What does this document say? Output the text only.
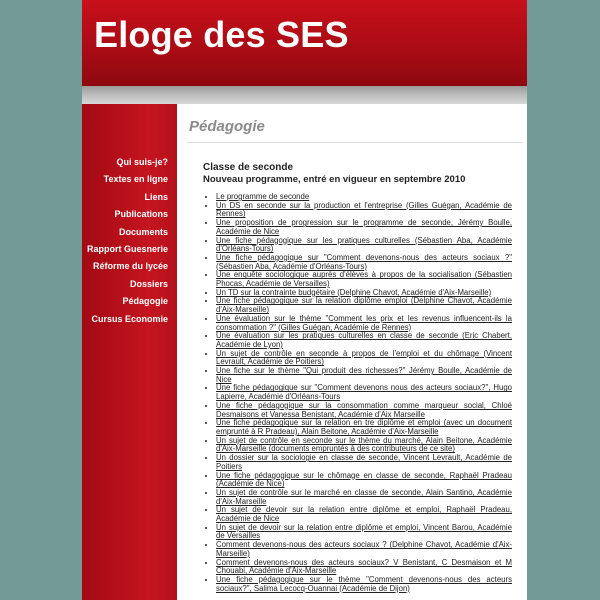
Eloge des SES
Qui suis-je?
Textes en ligne
Liens
Publications
Documents
Rapport Guesnerie
Réforme du lycée
Dossiers
Pédagogie
Cursus Economie
Pédagogie
Classe de seconde
Nouveau programme, entré en vigueur en septembre 2010
• Le programme de seconde
• Un DS en seconde sur la production et l'entreprise (Gilles Guégan, Académie de Rennes)
• Une proposition de progression sur le programme de seconde, Jérémy Boulle, Académie de Nice
• Une fiche pédagogique sur les pratiques culturelles (Sébastien Aba, Académie d'Orléans-Tours)
• Une fiche pédagogique sur "Comment devenons-nous des acteurs sociaux ?" (Sébastien Aba, Académie d'Orléans-Tours)
• Une enquête sociologique auprès d'élèves à propos de la socialisation (Sébastien Phocas, Académie de Versailles)
• Un TD sur la contrainte budgétaire (Delphine Chavot, Académie d'Aix-Marseille)
• Une fiche pédagogique sur la relation diplôme emploi (Delphine Chavot, Académie d'Aix-Marseille)
• Une évaluation sur le thème "Comment les prix et les revenus influencent-ils la consommation ?" (Gilles Guégan, Académie de Rennes)
• Une évaluation sur les pratiques culturelles en classe de seconde (Eric Chabert, Académie de Lyon)
• Un sujet de contrôle en seconde à propos de l'emploi et du chômage (Vincent Levrault, Académie de Poitiers)
• Une fiche sur le thème "Qui produit des richesses?" Jérémy Boulle, Académie de Nice
• Une fiche pédagogique sur "Comment devenons nous des acteurs sociaux?", Hugo Lapierre, Académie d'Orléans-Tours
• Une fiche pédagogique sur la consommation comme marqueur social, Chloé Desmaisons et Vanessa Benistant, Académie d'Aix Marseille
• Une fiche pédagogique sur la relation en tre diplôme et emploi (avec un document emprunté à R Pradeau), Alain Beitone, Académie d'Aix-Marseille
• Un sujet de contrôle en seconde sur le thème du marché, Alain Beitone, Académie d'Aix-Marseille (documents empruntés à des contributeurs de ce site)
• Un dossier sur la sociologie en classe de seconde, Vincent Levrault, Académie de Poitiers
• Une fiche pédagogique sur le chômage en classe de seconde, Raphaël Pradeau (Académie de Nice)
• Un sujet de contrôle sur le marché en classe de seconde, Alain Santino, Académie d'Aix-Marseille
• Un sujet de devoir sur la relation entre diplôme et emploi, Raphaël Pradeau, Académie de Nice
• Un sujet de devoir sur la relation entre diplôme et emploi, Vincent Barou, Académie de Versailles
• Comment devenons-nous des acteurs sociaux ? (Delphine Chavot, Académie d'Aix-Marseille)
• Comment devenons-nous des acteurs sociaux? V Benistant, C Desmaison et M Chouabi, Académie d'Aix-Marseille
• Une fiche pédagogique sur le thème "Comment devenons-nous des acteurs sociaux?", Salima Lecocq-Ouannai (Académie de Dijon)
